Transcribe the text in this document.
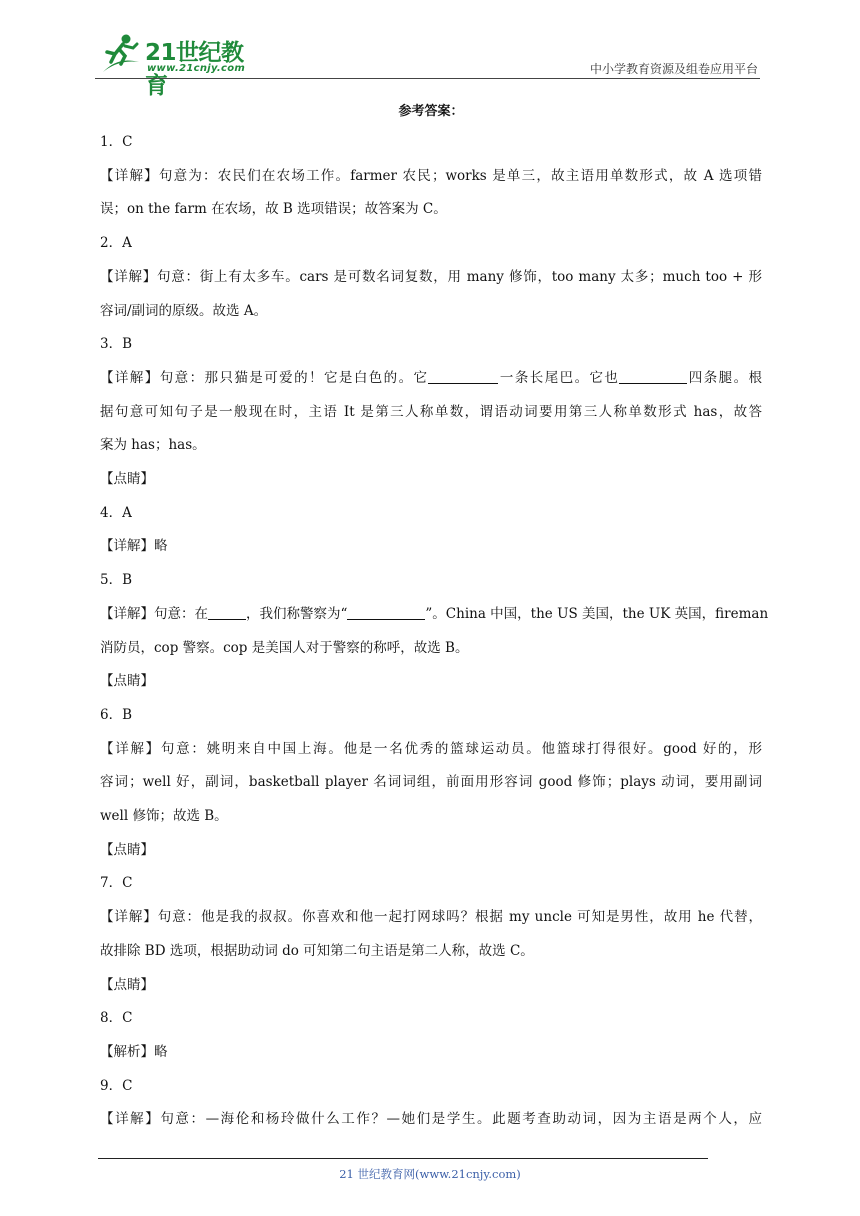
21世纪教育
www.21cnjy.com	中小学教育资源及组卷应用平台
参考答案：
1．C
【详解】句意为：农民们在农场工作。farmer 农民；works 是单三，故主语用单数形式，故 A 选项错
误；on the farm 在农场，故 B 选项错误；故答案为 C。
2．A
【详解】句意：街上有太多车。cars 是可数名词复数，用 many 修饰，too many 太多；much too + 形
容词/副词的原级。故选 A。
3．B
【详解】句意：那只猫是可爱的！它是白色的。它	一条长尾巴。它也	四条腿。根
据句意可知句子是一般现在时，主语 It 是第三人称单数，谓语动词要用第三人称单数形式 has，故答
案为 has；has。
【点睛】
4．A
【详解】略
5．B
【详解】句意：在	，我们称警察为“	”。China 中国，the US 美国，the UK 英国，fireman
消防员，cop 警察。cop 是美国人对于警察的称呼，故选 B。
【点睛】
6．B
【详解】句意：姚明来自中国上海。他是一名优秀的篮球运动员。他篮球打得很好。good 好的，形
容词；well 好，副词，basketball player 名词词组，前面用形容词 good 修饰；plays 动词，要用副词
well 修饰；故选 B。
【点睛】
7．C
【详解】句意：他是我的叔叔。你喜欢和他一起打网球吗？根据 my uncle 可知是男性，故用 he 代替，
故排除 BD 选项，根据助动词 do 可知第二句主语是第二人称，故选 C。
【点睛】
8．C
【解析】略
9．C
【详解】句意：—海伦和杨玲做什么工作？—她们是学生。此题考查助动词，因为主语是两个人，应
21 世纪教育网(www.21cnjy.com)
